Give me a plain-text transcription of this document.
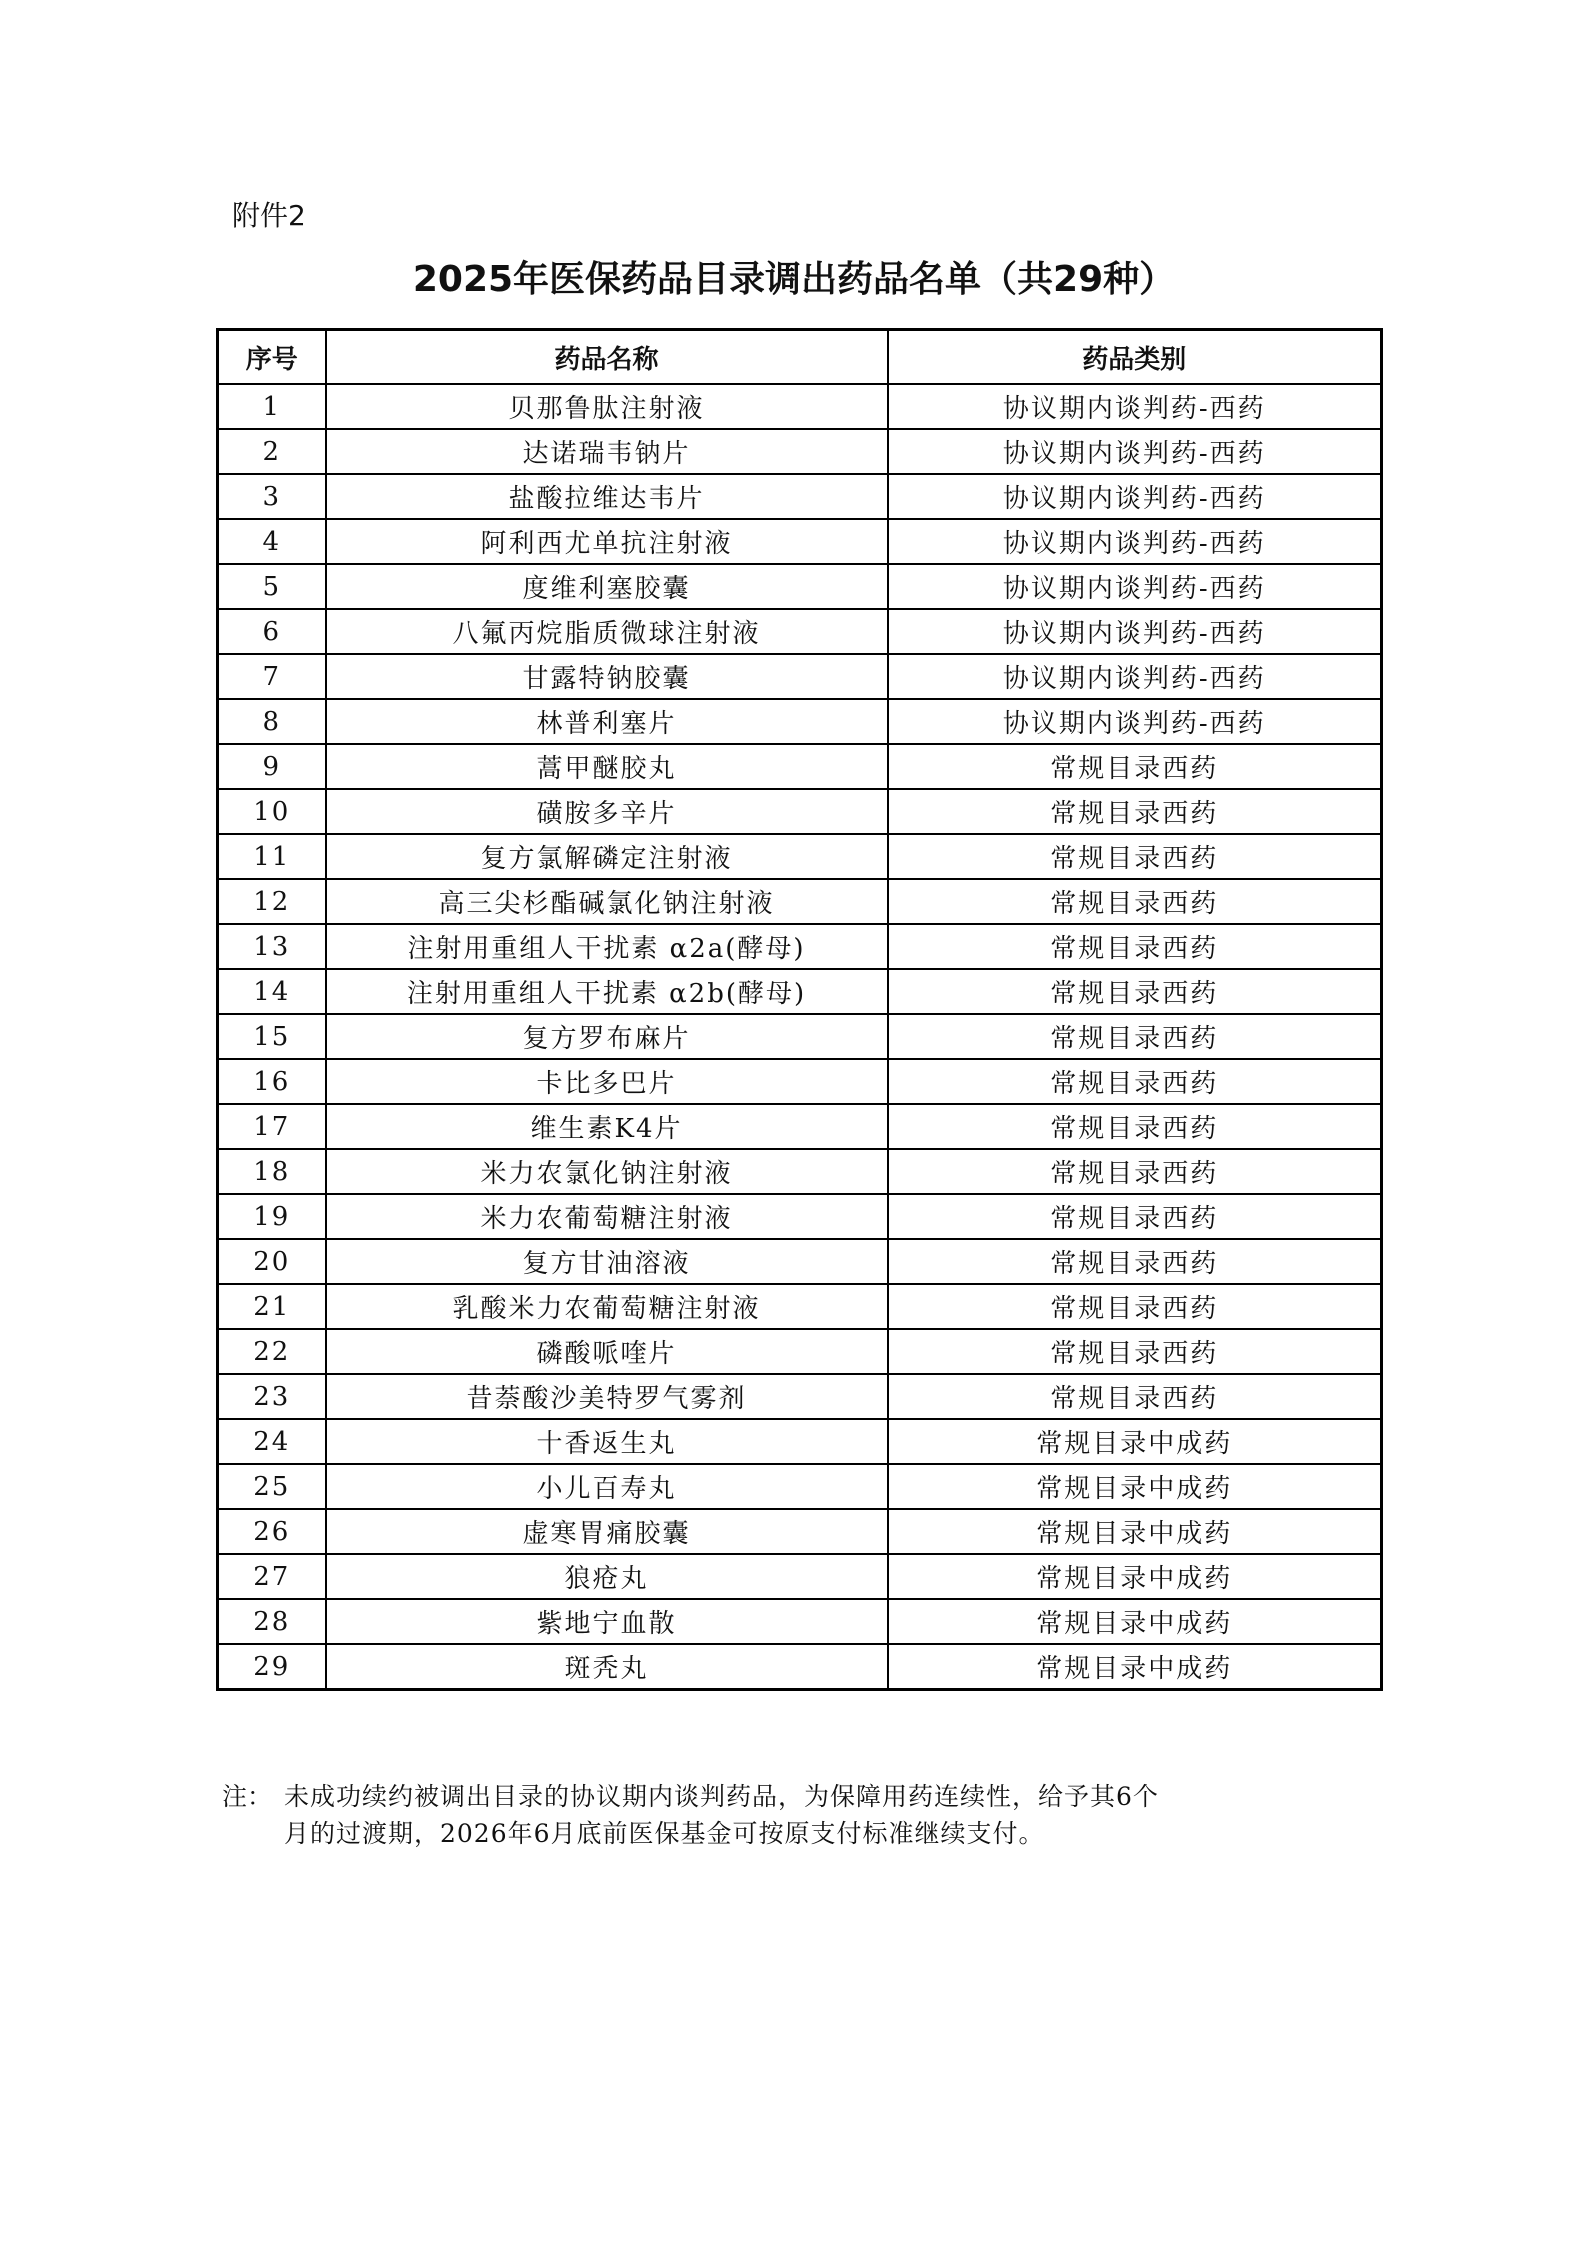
附件2
2025年医保药品目录调出药品名单（共29种）
序号	药品名称	药品类别
1	贝那鲁肽注射液	协议期内谈判药-西药
2	达诺瑞韦钠片	协议期内谈判药-西药
3	盐酸拉维达韦片	协议期内谈判药-西药
4	阿利西尤单抗注射液	协议期内谈判药-西药
5	度维利塞胶囊	协议期内谈判药-西药
6	八氟丙烷脂质微球注射液	协议期内谈判药-西药
7	甘露特钠胶囊	协议期内谈判药-西药
8	林普利塞片	协议期内谈判药-西药
9	蒿甲醚胶丸	常规目录西药
10	磺胺多辛片	常规目录西药
11	复方氯解磷定注射液	常规目录西药
12	高三尖杉酯碱氯化钠注射液	常规目录西药
13	注射用重组人干扰素 α2a(酵母)	常规目录西药
14	注射用重组人干扰素 α2b(酵母)	常规目录西药
15	复方罗布麻片	常规目录西药
16	卡比多巴片	常规目录西药
17	维生素K4片	常规目录西药
18	米力农氯化钠注射液	常规目录西药
19	米力农葡萄糖注射液	常规目录西药
20	复方甘油溶液	常规目录西药
21	乳酸米力农葡萄糖注射液	常规目录西药
22	磷酸哌喹片	常规目录西药
23	昔萘酸沙美特罗气雾剂	常规目录西药
24	十香返生丸	常规目录中成药
25	小儿百寿丸	常规目录中成药
26	虚寒胃痛胶囊	常规目录中成药
27	狼疮丸	常规目录中成药
28	紫地宁血散	常规目录中成药
29	斑秃丸	常规目录中成药
注： 未成功续约被调出目录的协议期内谈判药品，为保障用药连续性，给予其6个
月的过渡期，2026年6月底前医保基金可按原支付标准继续支付。
